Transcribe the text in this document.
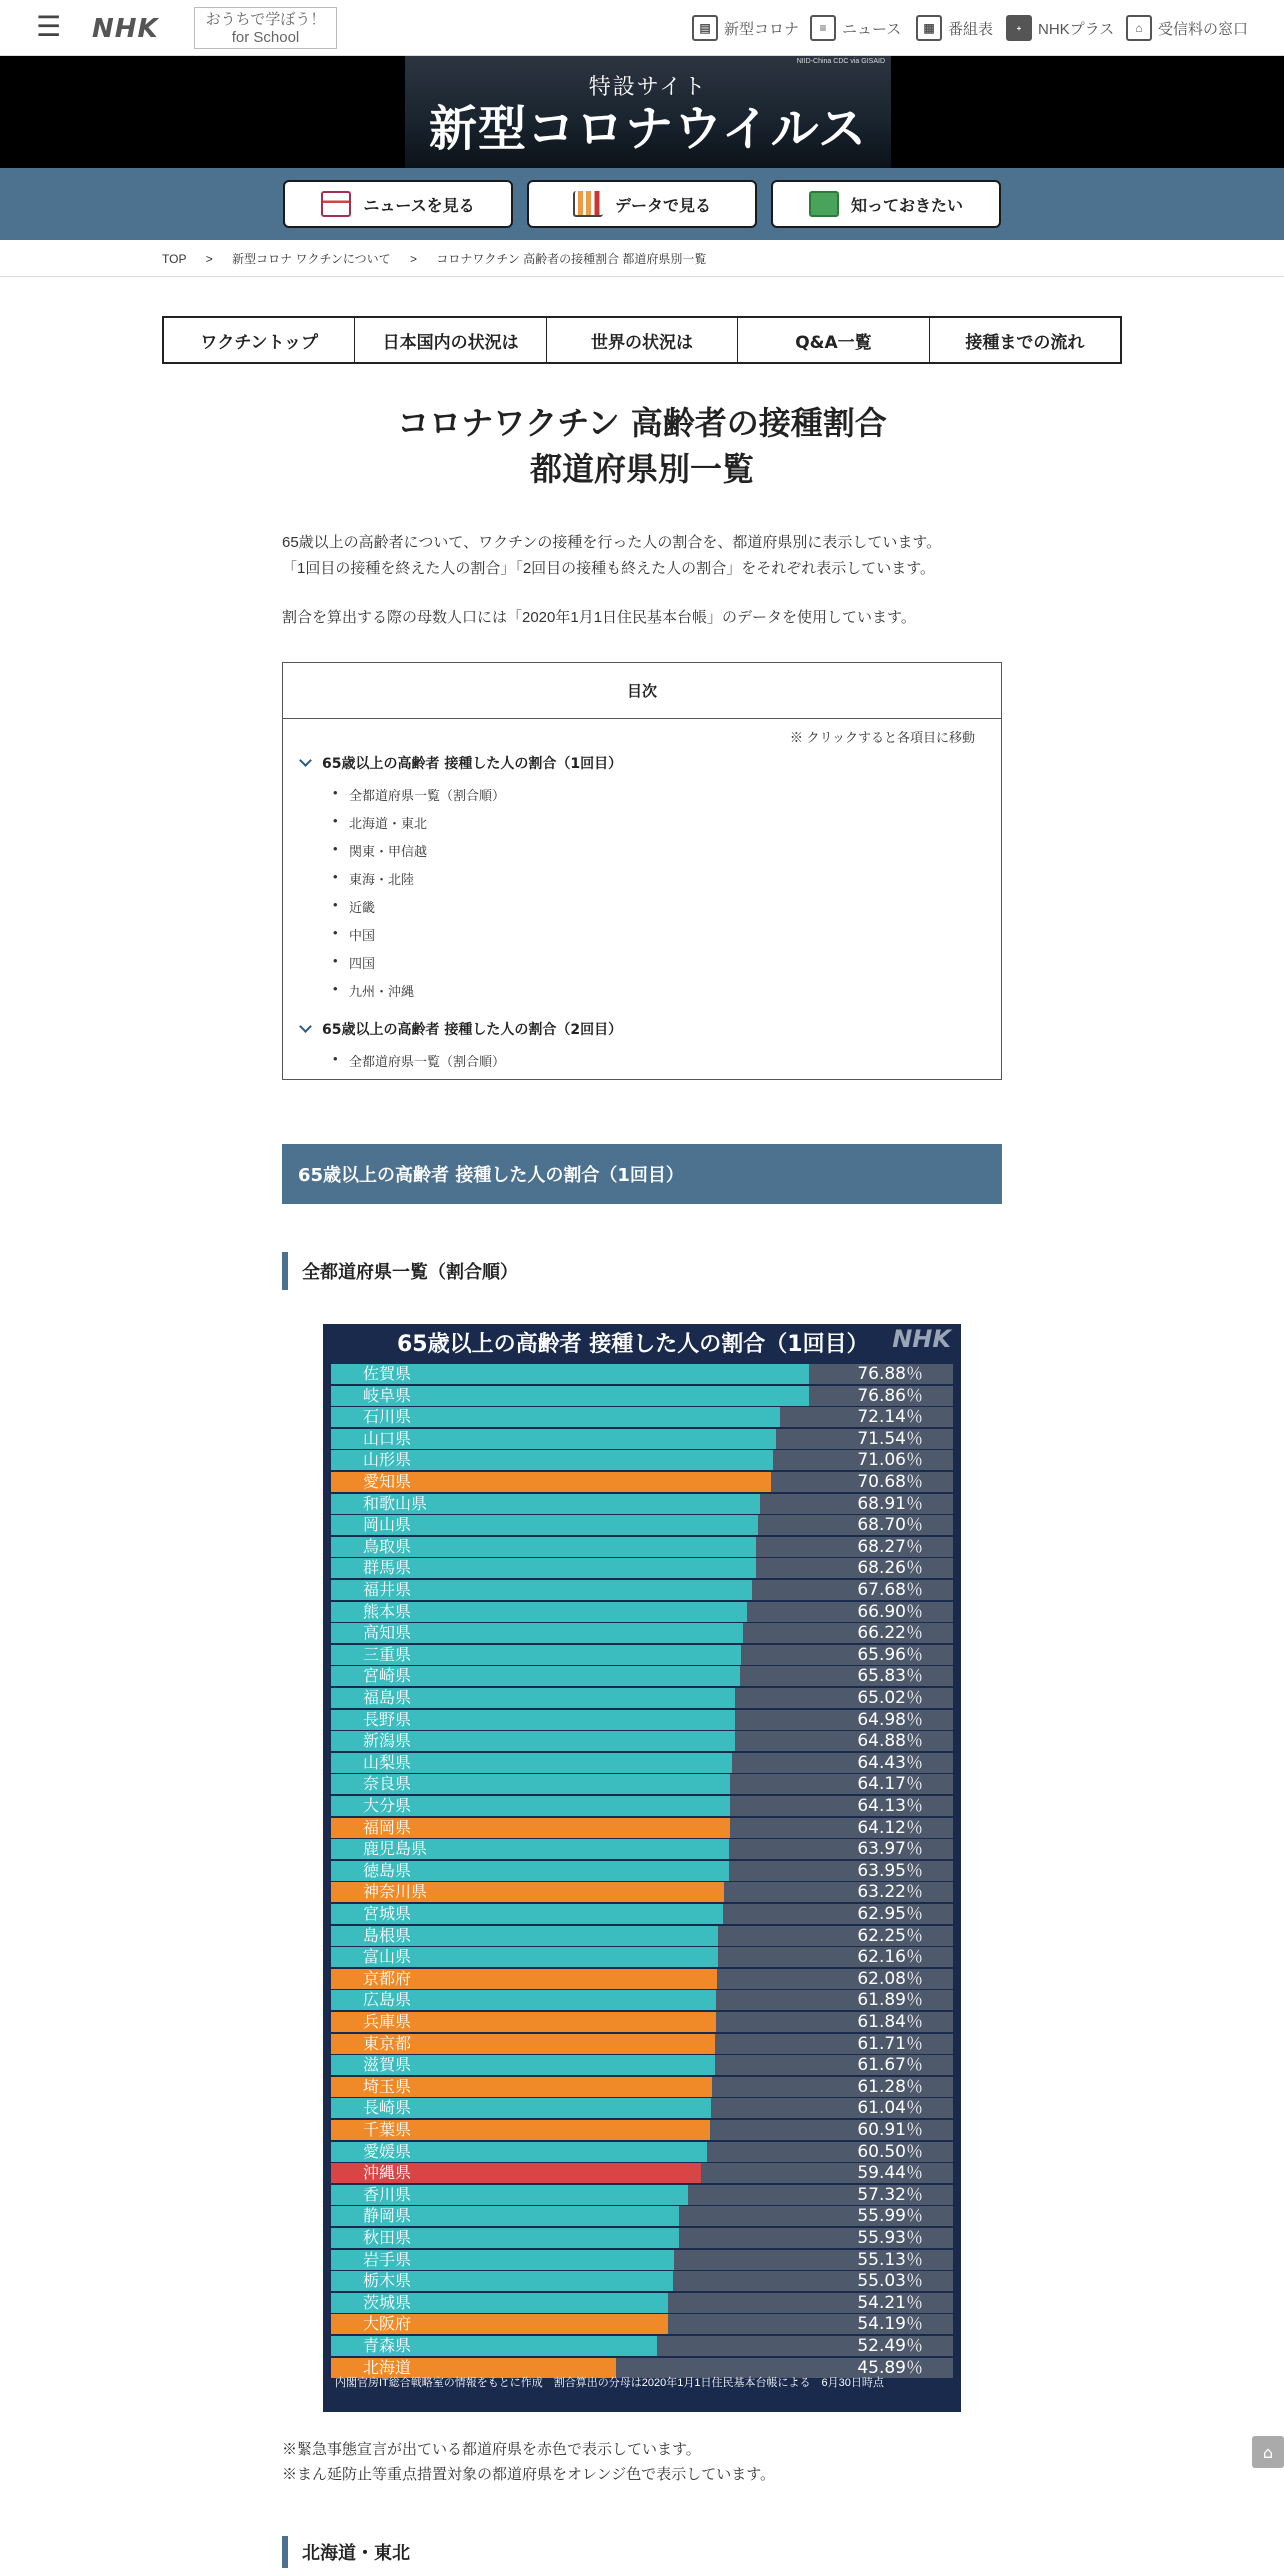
☰ NHK	おうちで学ぼう！
for School
▤ 新型コロナ	≡	ニュース	▦ 番組表	+	NHKプラス	⌂	受信料の窓口
NIID-China CDC via GISAID
特設サイト
新型コロナウイルス
ニュースを見る	データで見る	知っておきたい
TOP > 新型コロナ ワクチンについて > コロナワクチン 高齢者の接種割合 都道府県別一覧
ワクチントップ	日本国内の状況は	世界の状況は	Q&A一覧	接種までの流れ
コロナワクチン 高齢者の接種割合
都道府県別一覧
65歳以上の高齢者について、ワクチンの接種を行った人の割合を、都道府県別に表示しています。
「1回目の接種を終えた人の割合」「2回目の接種も終えた人の割合」をそれぞれ表示しています。
割合を算出する際の母数人口には「2020年1月1日住民基本台帳」のデータを使用しています。
目次
※ クリックすると各項目に移動
65歳以上の高齢者 接種した人の割合（1回目）
• 全都道府県一覧（割合順）
• 北海道・東北
• 関東・甲信越
• 東海・北陸
• 近畿
• 中国
• 四国
• 九州・沖縄
65歳以上の高齢者 接種した人の割合（2回目）
• 全都道府県一覧（割合順）
65歳以上の高齢者 接種した人の割合（1回目）
全都道府県一覧（割合順）
65歳以上の高齢者 接種した人の割合（1回目） NHK
佐賀県	76.88％
岐阜県	76.86％
石川県	72.14％
山口県	71.54％
山形県	71.06％
愛知県	70.68％
和歌山県	68.91％
岡山県	68.70％
鳥取県	68.27％
群馬県	68.26％
福井県	67.68％
熊本県	66.90％
高知県	66.22％
三重県	65.96％
宮崎県	65.83％
福島県	65.02％
長野県	64.98％
新潟県	64.88％
山梨県	64.43％
奈良県	64.17％
大分県	64.13％
福岡県	64.12％
鹿児島県	63.97％
徳島県	63.95％
神奈川県	63.22％
宮城県	62.95％
島根県	62.25％
富山県	62.16％
京都府	62.08％
広島県	61.89％
兵庫県	61.84％
東京都	61.71％
滋賀県	61.67％
埼玉県	61.28％
長崎県	61.04％
千葉県	60.91％
愛媛県	60.50％
沖縄県	59.44％
香川県	57.32％
静岡県	55.99％
秋田県	55.93％
岩手県	55.13％
栃木県	55.03％
茨城県	54.21％
大阪府	54.19％
青森県	52.49％
北海道	45.89％
内閣官房IT総合戦略室の情報をもとに作成　割合算出の分母は2020年1月1日住民基本台帳による　6月30日時点
※緊急事態宣言が出ている都道府県を赤色で表示しています。
※まん延防止等重点措置対象の都道府県をオレンジ色で表示しています。
北海道・東北
⌂
